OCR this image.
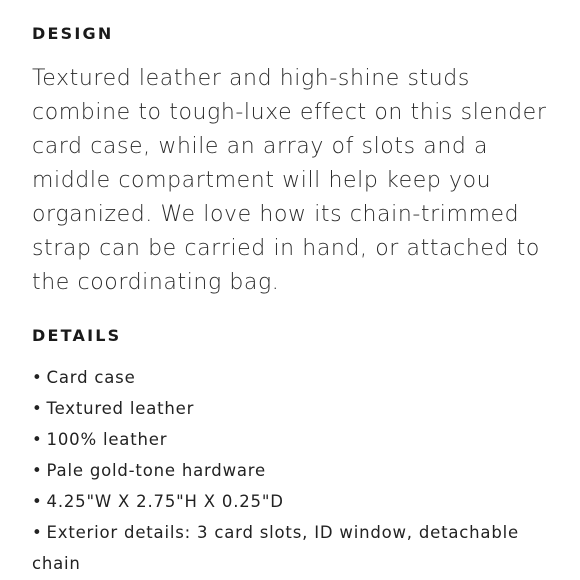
DESIGN

Textured leather and high-shine studs combine to tough-luxe effect on this slender card case, while an array of slots and a middle compartment will help keep you organized. We love how its chain-trimmed strap can be carried in hand, or attached to the coordinating bag.

DETAILS
• Card case
• Textured leather
• 100% leather
• Pale gold-tone hardware
• 4.25"W X 2.75"H X 0.25"D
• Exterior details: 3 card slots, ID window, detachable chain
